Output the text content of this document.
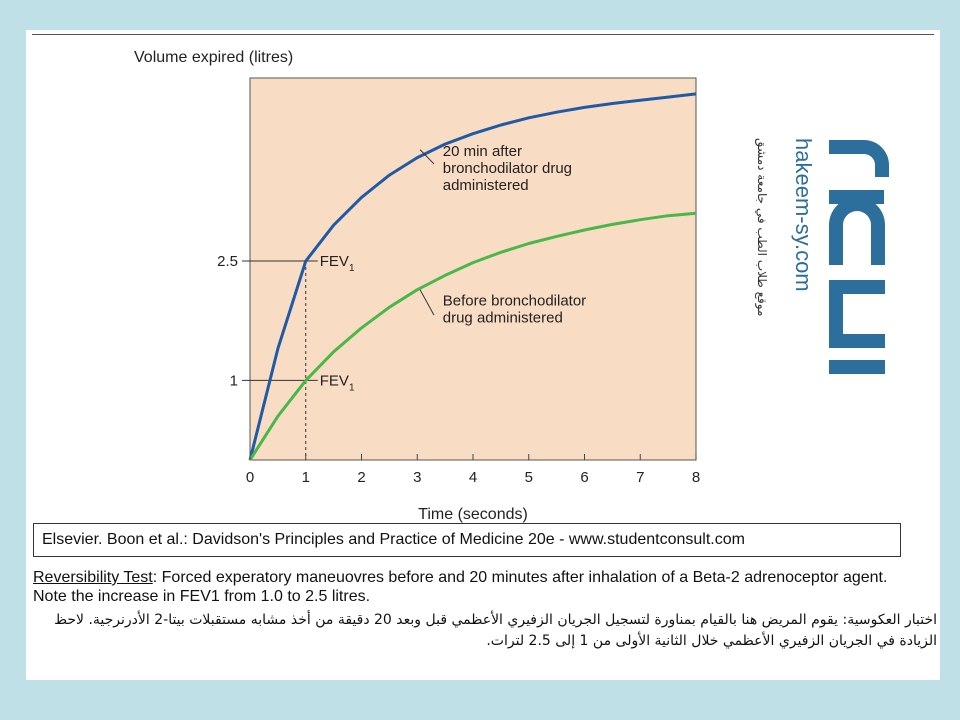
0	1	2	3	4	5	6	7	8
2.5
1
$FEV_1$
$FEV_1$
20 min after
bronchodilator drug
administered
Before bronchodilator
drug administered
Volume expired (litres)
Time (seconds)
hakeem-sy.com
موقع طلاب الطب في جامعة دمشق
حكيم
Elsevier. Boon et al.: Davidson's Principles and Practice of Medicine 20e - www.studentconsult.com
Reversibility Test: Forced experatory maneuovres before and 20 minutes after inhalation of a Beta-2 adrenoceptor agent. Note the increase in FEV1 from 1.0 to 2.5 litres.
اختبار العكوسية: يقوم المريض هنا بالقيام بمناورة لتسجيل الجريان الزفيري الأعظمي قبل وبعد 20 دقيقة من أخذ مشابه مستقبلات بيتا-2 الأدرنرجية. لاحظ الزيادة في الجريان الزفيري الأعظمي خلال الثانية الأولى من 1 إلى 2.5 لترات.
